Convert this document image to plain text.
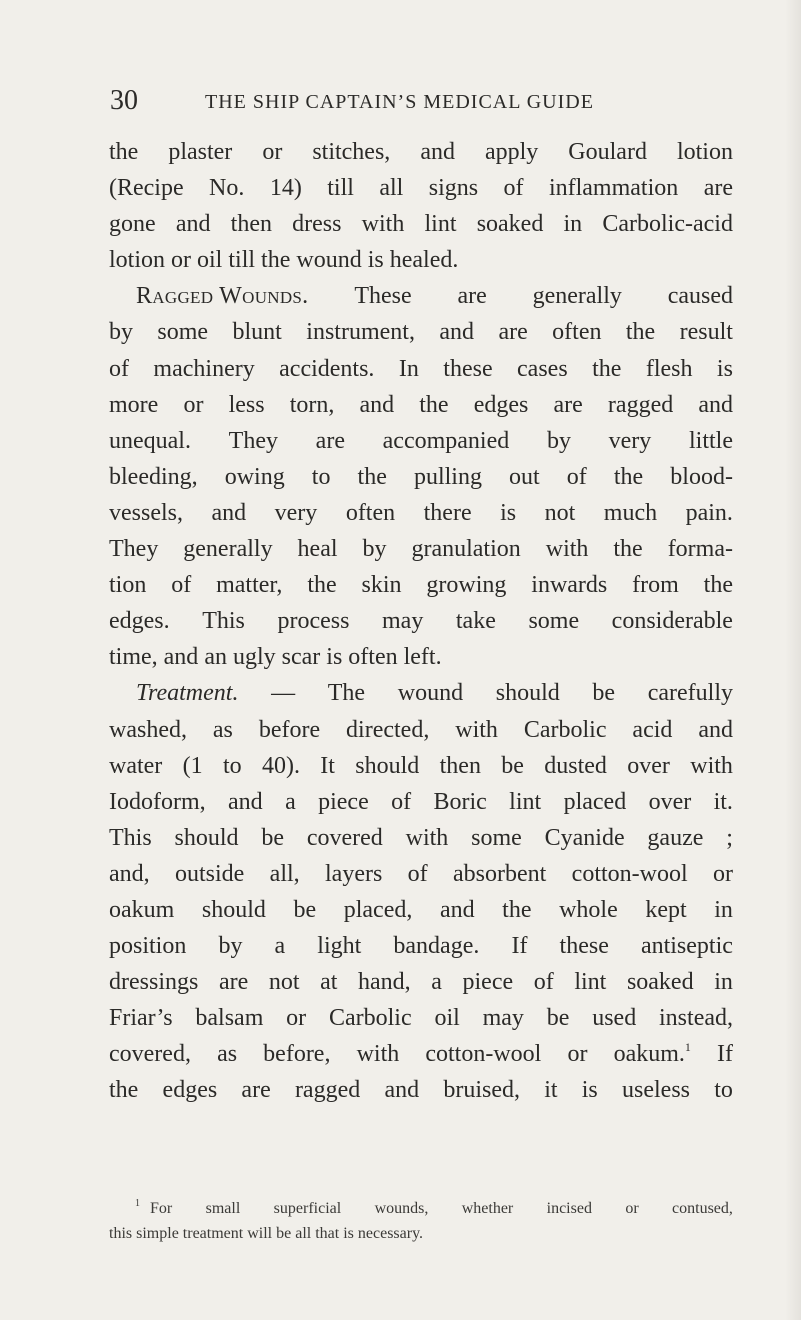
30	THE SHIP CAPTAIN’S MEDICAL GUIDE
the plaster or stitches, and apply Goulard lotion
(Recipe No. 14) till all signs of inflammation are
gone and then dress with lint soaked in Carbolic-acid
lotion
or
oil
till
the
wound
is
healed.
Ragged Wounds. These are generally caused
by some blunt instrument, and are often the result
of machinery accidents. In these cases the flesh is
more or less torn, and the edges are ragged and
unequal. They are accompanied by very little
bleeding, owing to the pulling out of the blood-
vessels, and very often there is not much pain.
They generally heal by granulation with the forma-
tion of matter, the skin growing inwards from the
edges. This process may take some considerable
time,
and
an
ugly
scar
is
often
left.
Treatment. — The wound should be carefully
washed, as before directed, with Carbolic acid and
water (1 to 40). It should then be dusted over with
Iodoform, and a piece of Boric lint placed over it.
This should be covered with some Cyanide gauze ;
and, outside all, layers of absorbent cotton-wool or
oakum should be placed, and the whole kept in
position by a light bandage. If these antiseptic
dressings are not at hand, a piece of lint soaked in
Friar’s balsam or Carbolic oil may be used instead,
covered, as before, with cotton-wool or oakum.$^1$ If
the edges are ragged and bruised, it is useless to
$^1$ For small superficial wounds, whether incised or contused,
this
simple
treatment
will
be
all
that
is
necessary.
